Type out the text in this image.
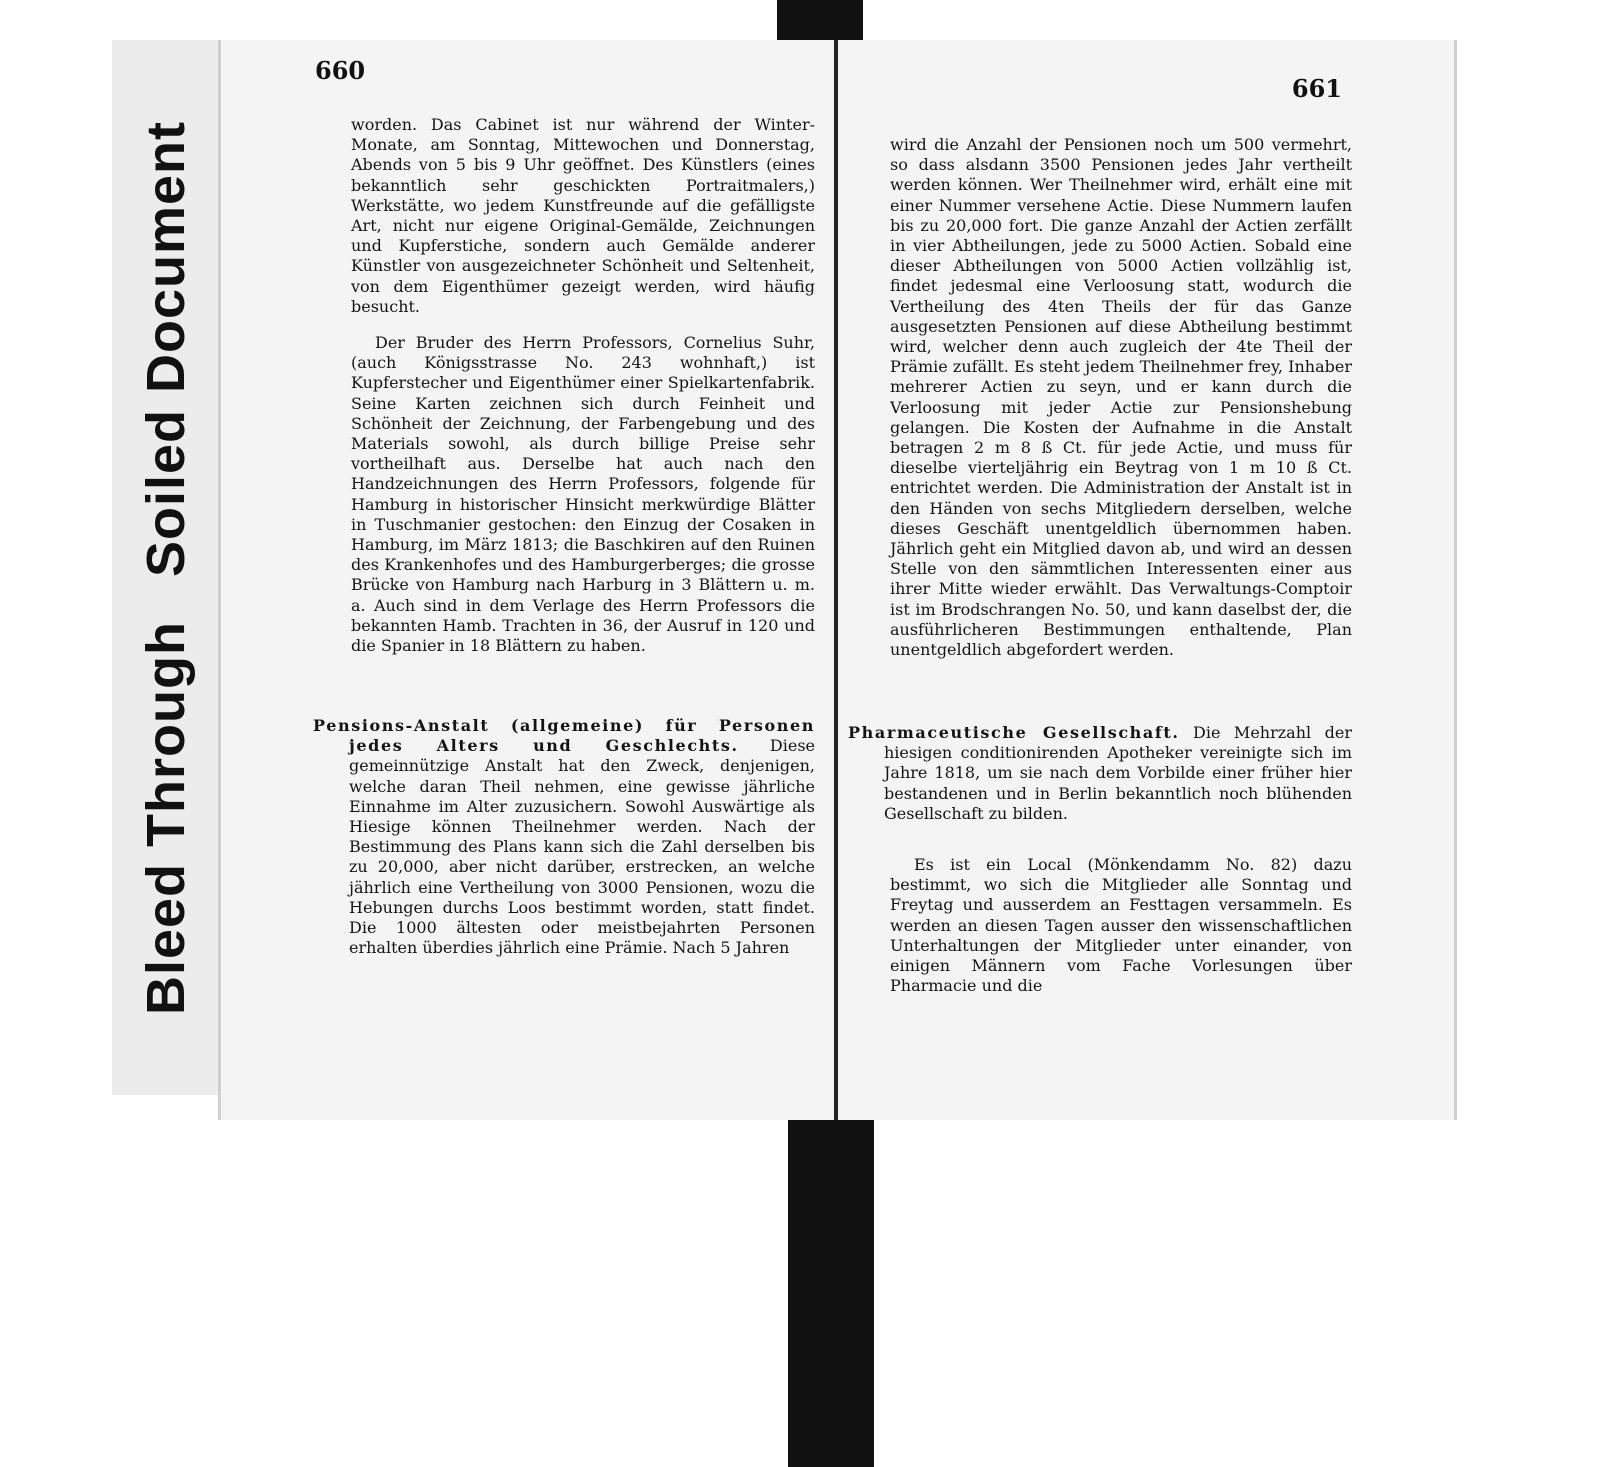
Bleed ThroughSoiled Document
660

worden. Das Cabinet ist nur während der Winter-Monate, am Sonntag, Mittewochen und Donnerstag, Abends von 5 bis 9 Uhr geöffnet. Des Künstlers (eines bekanntlich sehr geschickten Portraitmalers,) Werkstätte, wo jedem Kunstfreunde auf die gefälligste Art, nicht nur eigene Original-Gemälde, Zeichnungen und Kupferstiche, sondern auch Gemälde anderer Künstler von ausgezeichneter Schönheit und Seltenheit, von dem Eigenthümer gezeigt werden, wird häufig besucht.

Der Bruder des Herrn Professors, Cornelius Suhr, (auch Königsstrasse No. 243 wohnhaft,) ist Kupferstecher und Eigenthümer einer Spielkartenfabrik. Seine Karten zeichnen sich durch Feinheit und Schönheit der Zeichnung, der Farbengebung und des Materials sowohl, als durch billige Preise sehr vortheilhaft aus. Derselbe hat auch nach den Handzeichnungen des Herrn Professors, folgende für Hamburg in historischer Hinsicht merkwürdige Blätter in Tuschmanier gestochen: den Einzug der Cosaken in Hamburg, im März 1813; die Baschkiren auf den Ruinen des Krankenhofes und des Hamburgerberges; die grosse Brücke von Hamburg nach Harburg in 3 Blättern u. m. a. Auch sind in dem Verlage des Herrn Professors die bekannten Hamb. Trachten in 36, der Ausruf in 120 und die Spanier in 18 Blättern zu haben.

Pensions-Anstalt (allgemeine) für Personen jedes Alters und Geschlechts. Diese gemeinnützige Anstalt hat den Zweck, denjenigen, welche daran Theil nehmen, eine gewisse jährliche Einnahme im Alter zuzusichern. Sowohl Auswärtige als Hiesige können Theilnehmer werden. Nach der Bestimmung des Plans kann sich die Zahl derselben bis zu 20,000, aber nicht darüber, erstrecken, an welche jährlich eine Vertheilung von 3000 Pensionen, wozu die Hebungen durchs Loos bestimmt worden, statt findet. Die 1000 ältesten oder meistbejahrten Personen erhalten überdies jährlich eine Prämie. Nach 5 Jahren

661

wird die Anzahl der Pensionen noch um 500 vermehrt, so dass alsdann 3500 Pensionen jedes Jahr vertheilt werden können. Wer Theilnehmer wird, erhält eine mit einer Nummer versehene Actie. Diese Nummern laufen bis zu 20,000 fort. Die ganze Anzahl der Actien zerfällt in vier Abtheilungen, jede zu 5000 Actien. Sobald eine dieser Abtheilungen von 5000 Actien vollzählig ist, findet jedesmal eine Verloosung statt, wodurch die Vertheilung des 4ten Theils der für das Ganze ausgesetzten Pensionen auf diese Abtheilung bestimmt wird, welcher denn auch zugleich der 4te Theil der Prämie zufällt. Es steht jedem Theilnehmer frey, Inhaber mehrerer Actien zu seyn, und er kann durch die Verloosung mit jeder Actie zur Pensionshebung gelangen. Die Kosten der Aufnahme in die Anstalt betragen 2 m 8 ß Ct. für jede Actie, und muss für dieselbe vierteljährig ein Beytrag von 1 m 10 ß Ct. entrichtet werden. Die Administration der Anstalt ist in den Händen von sechs Mitgliedern derselben, welche dieses Geschäft unentgeldlich übernommen haben. Jährlich geht ein Mitglied davon ab, und wird an dessen Stelle von den sämmtlichen Interessenten einer aus ihrer Mitte wieder erwählt. Das Verwaltungs-Comptoir ist im Brodschrangen No. 50, und kann daselbst der, die ausführlicheren Bestimmungen enthaltende, Plan unentgeldlich abgefordert werden.

Pharmaceutische Gesellschaft. Die Mehrzahl der hiesigen conditionirenden Apotheker vereinigte sich im Jahre 1818, um sie nach dem Vorbilde einer früher hier bestandenen und in Berlin bekanntlich noch blühenden Gesellschaft zu bilden.

Es ist ein Local (Mönkendamm No. 82) dazu bestimmt, wo sich die Mitglieder alle Sonntag und Freytag und ausserdem an Festtagen versammeln. Es werden an diesen Tagen ausser den wissenschaftlichen Unterhaltungen der Mitglieder unter einander, von einigen Männern vom Fache Vorlesungen über Pharmacie und die
